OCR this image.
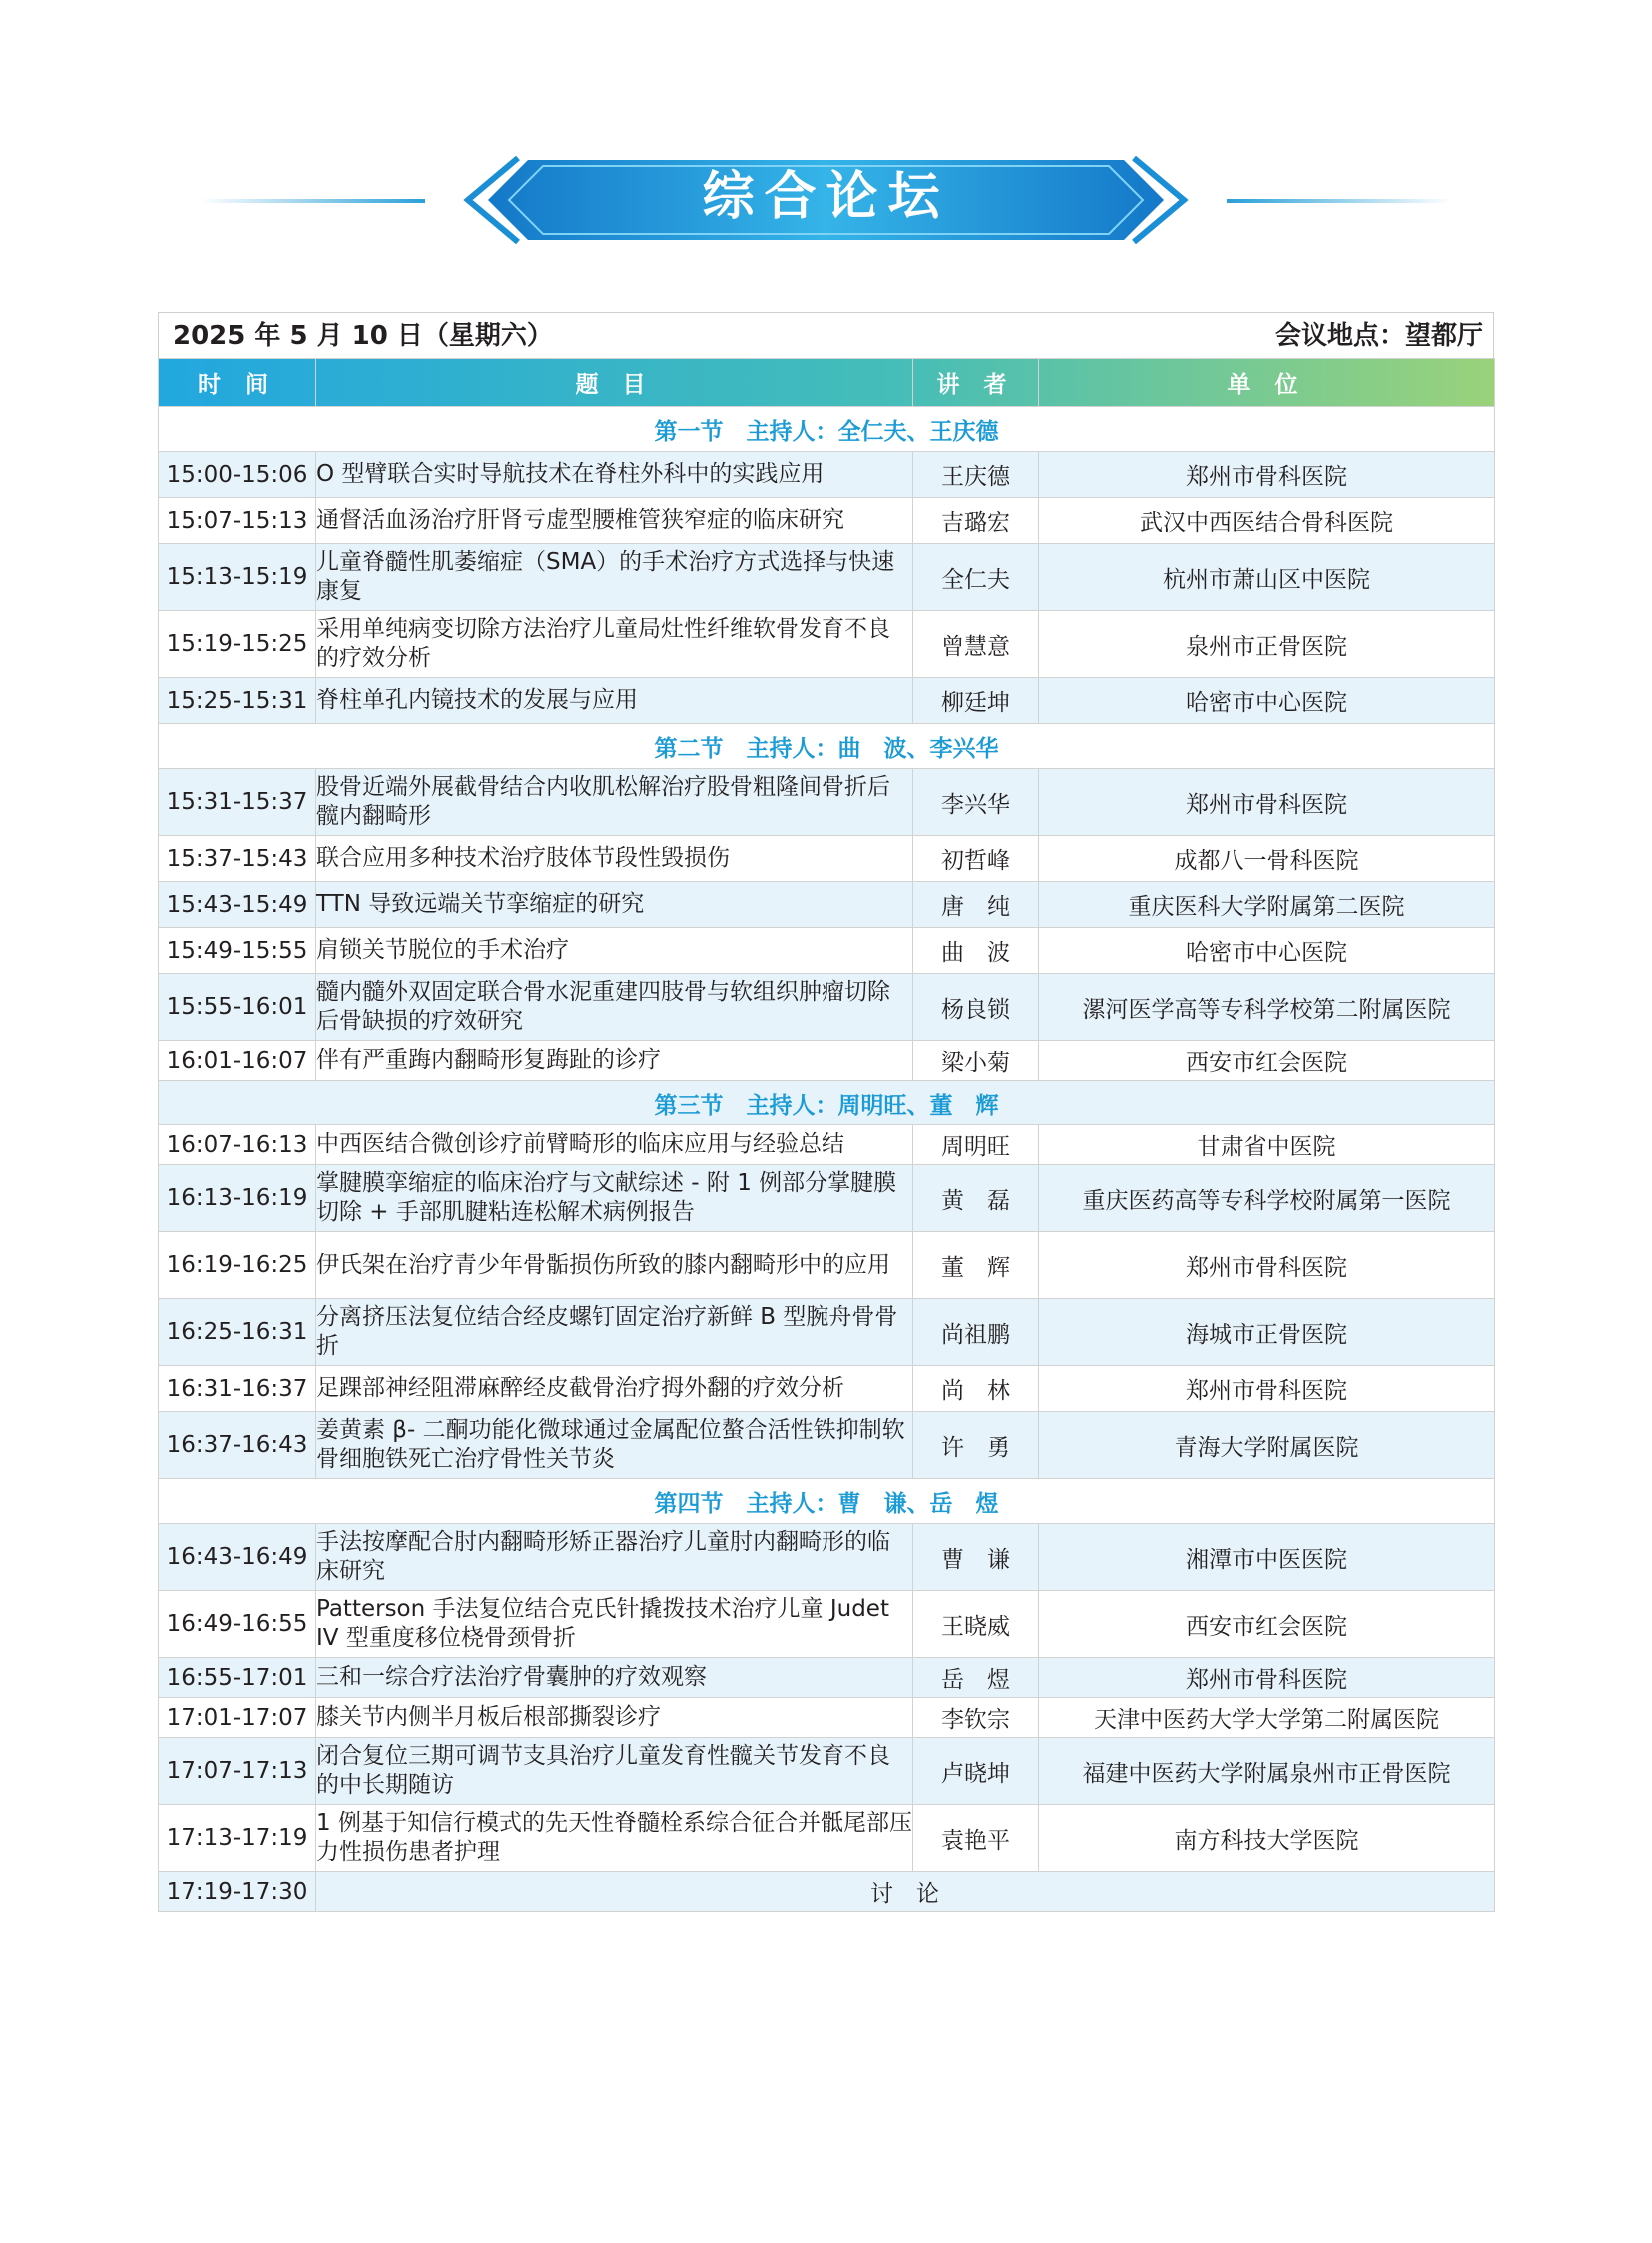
综合论坛
2025 年 5 月 10 日（星期六）	会议地点：望都厅
时 间	题 目	讲 者	单 位
第一节　主持人：全仁夫、王庆德			
15:00-15:06	O 型臂联合实时导航技术在脊柱外科中的实践应用	王庆德	郑州市骨科医院
15:07-15:13	通督活血汤治疗肝肾亏虚型腰椎管狭窄症的临床研究	吉璐宏	武汉中西医结合骨科医院
15:13-15:19	儿童脊髓性肌萎缩症（SMA）的手术治疗方式选择与快速康复	全仁夫	杭州市萧山区中医院
15:19-15:25	采用单纯病变切除方法治疗儿童局灶性纤维软骨发育不良的疗效分析	曾慧意	泉州市正骨医院
15:25-15:31	脊柱单孔内镜技术的发展与应用	柳廷坤	哈密市中心医院
第二节　主持人：曲　波、李兴华			
15:31-15:37	股骨近端外展截骨结合内收肌松解治疗股骨粗隆间骨折后髋内翻畸形	李兴华	郑州市骨科医院
15:37-15:43	联合应用多种技术治疗肢体节段性毁损伤	初哲峰	成都八一骨科医院
15:43-15:49	TTN 导致远端关节挛缩症的研究	唐　纯	重庆医科大学附属第二医院
15:49-15:55	肩锁关节脱位的手术治疗	曲　波	哈密市中心医院
15:55-16:01	髓内髓外双固定联合骨水泥重建四肢骨与软组织肿瘤切除后骨缺损的疗效研究	杨良锁	漯河医学高等专科学校第二附属医院
16:01-16:07	伴有严重踇内翻畸形复踇趾的诊疗	梁小菊	西安市红会医院
第三节　主持人：周明旺、董　辉			
16:07-16:13	中西医结合微创诊疗前臂畸形的临床应用与经验总结	周明旺	甘肃省中医院
16:13-16:19	掌腱膜挛缩症的临床治疗与文献综述 - 附 1 例部分掌腱膜切除 + 手部肌腱粘连松解术病例报告	黄　磊	重庆医药高等专科学校附属第一医院
16:19-16:25	伊氏架在治疗青少年骨骺损伤所致的膝内翻畸形中的应用	董　辉	郑州市骨科医院
16:25-16:31	分离挤压法复位结合经皮螺钉固定治疗新鲜 B 型腕舟骨骨折	尚祖鹏	海城市正骨医院
16:31-16:37	足踝部神经阻滞麻醉经皮截骨治疗拇外翻的疗效分析	尚　林	郑州市骨科医院
16:37-16:43	姜黄素 β- 二酮功能化微球通过金属配位螯合活性铁抑制软骨细胞铁死亡治疗骨性关节炎	许　勇	青海大学附属医院
第四节　主持人：曹　谦、岳　煜			
16:43-16:49	手法按摩配合肘内翻畸形矫正器治疗儿童肘内翻畸形的临床研究	曹　谦	湘潭市中医医院
16:49-16:55	Patterson 手法复位结合克氏针撬拨技术治疗儿童 Judet IV 型重度移位桡骨颈骨折	王晓威	西安市红会医院
16:55-17:01	三和一综合疗法治疗骨囊肿的疗效观察	岳　煜	郑州市骨科医院
17:01-17:07	膝关节内侧半月板后根部撕裂诊疗	李钦宗	天津中医药大学大学第二附属医院
17:07-17:13	闭合复位三期可调节支具治疗儿童发育性髋关节发育不良的中长期随访	卢晓坤	福建中医药大学附属泉州市正骨医院
17:13-17:19	1 例基于知信行模式的先天性脊髓栓系综合征合并骶尾部压力性损伤患者护理	袁艳平	南方科技大学医院
17:19-17:30	讨　论		
